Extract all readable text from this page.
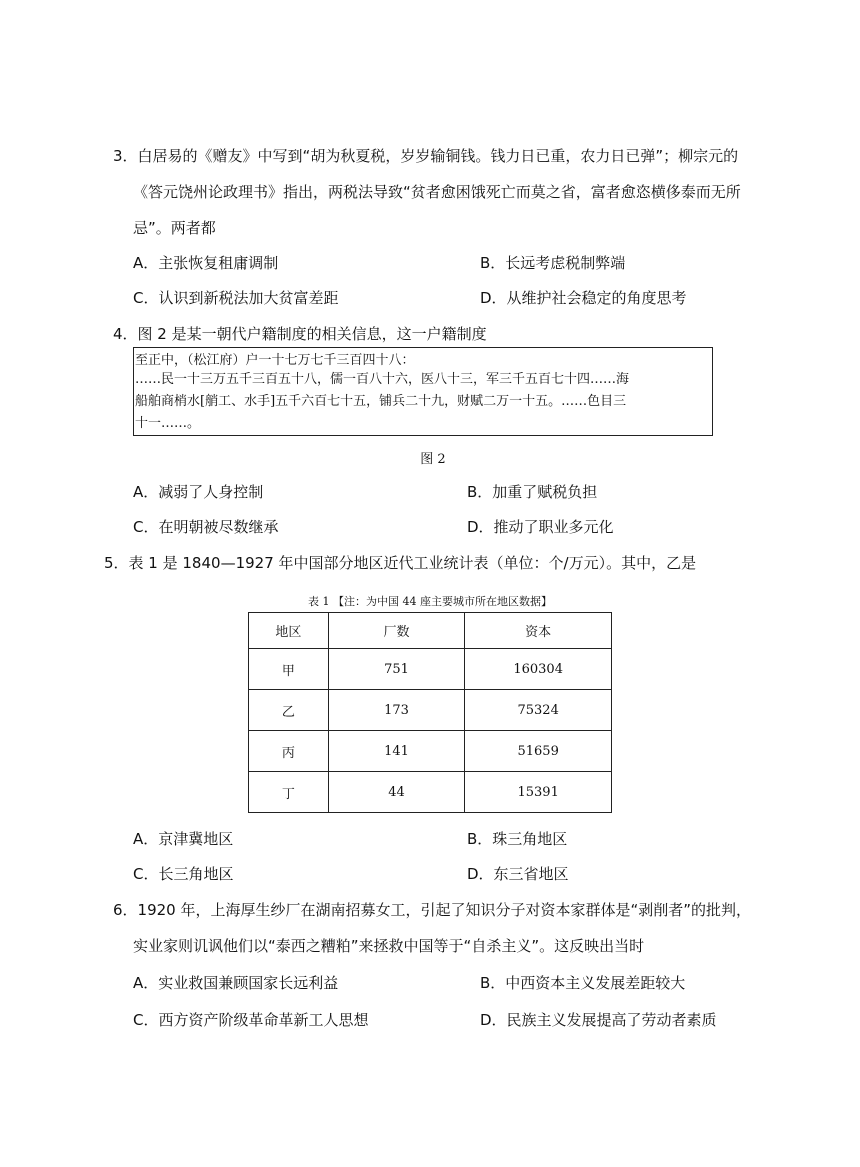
3．白居易的《赠友》中写到“胡为秋夏税，岁岁输铜钱。钱力日已重，农力日已弹”；柳宗元的
《答元饶州论政理书》指出，两税法导致“贫者愈困饿死亡而莫之省，富者愈恣横侈泰而无所
忌”。两者都
A．主张恢复租庸调制	B．长远考虑税制弊端
C．认识到新税法加大贫富差距	D．从维护社会稳定的角度思考
4．图 2 是某一朝代户籍制度的相关信息，这一户籍制度
至正中，（松江府）户一十七万七千三百四十八：
……民一十三万五千三百五十八，儒一百八十六，医八十三，军三千五百七十四……海
船舶商梢水[艄工、水手]五千六百七十五，铺兵二十九，财赋二万一十五。……色目三
十一……。
图 2
A．减弱了人身控制	B．加重了赋税负担
C．在明朝被尽数继承	D．推动了职业多元化
5．表 1 是 1840—1927 年中国部分地区近代工业统计表（单位：个/万元）。其中，乙是
表 1 【注：为中国 44 座主要城市所在地区数据】
地区	厂数	资本
甲	751	160304
乙	173	75324
丙	141	51659
丁	44	15391
A．京津冀地区	B．珠三角地区
C．长三角地区	D．东三省地区
6．1920 年，上海厚生纱厂在湖南招募女工，引起了知识分子对资本家群体是“剥削者”的批判，
实业家则讥讽他们以“泰西之糟粕”来拯救中国等于“自杀主义”。这反映出当时
A．实业救国兼顾国家长远利益	B．中西资本主义发展差距较大
C．西方资产阶级革命革新工人思想	D．民族主义发展提高了劳动者素质
